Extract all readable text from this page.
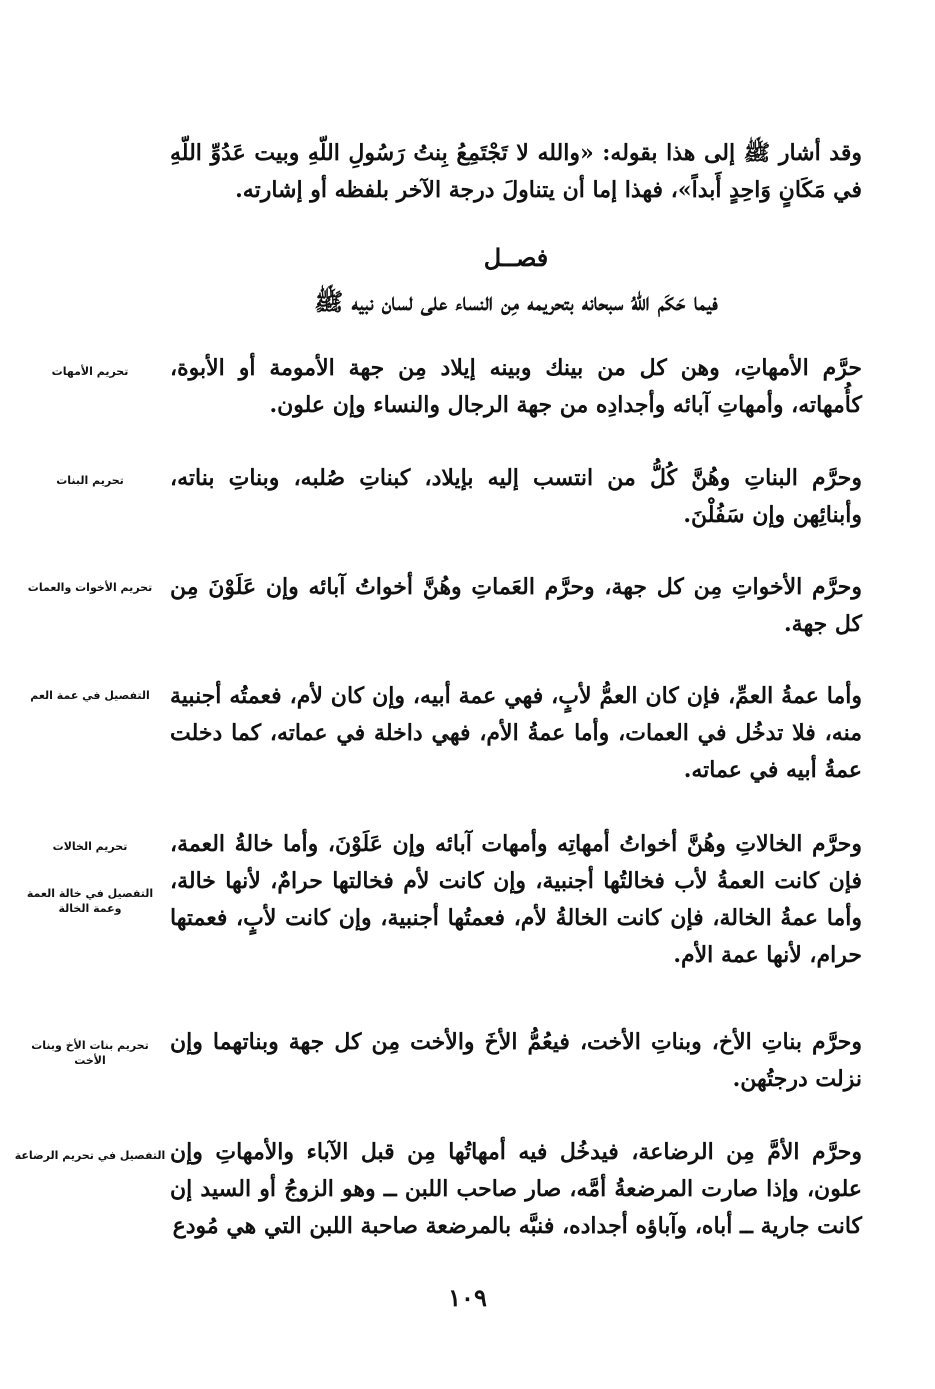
وقد أشار ﷺ إلى هذا بقوله: «والله لا تَجْتَمِعُ بِنتُ رَسُولِ اللّهِ وبيت عَدُوِّ اللّهِ في مَكَانٍ وَاحِدٍ أَبداً»، فهذا إما أن يتناولَ درجة الآخر بلفظه أو إشارته.

فصــل
فيما حَكَم اللّهُ سبحانه بتحريمه مِن النساء على لسان نبيه ﷺ

حرَّم الأمهاتِ، وهن كل من بينك وبينه إيلاد مِن جهة الأمومة أو الأبوة، كأُمهاته، وأمهاتِ آبائه وأجدادِه من جهة الرجال والنساء وإن علون.

تحريم الأمهات

وحرَّم البناتِ وهُنَّ كُلُّ من انتسب إليه بإيلاد، كبناتِ صُلبه، وبناتِ بناته، وأبنائِهن وإن سَفُلْنَ.

تحريم البنات

وحرَّم الأخواتِ مِن كل جهة، وحرَّم العَماتِ وهُنَّ أخواتُ آبائه وإن عَلَوْنَ مِن كل جهة.

تحريم الأخوات والعمات

وأما عمةُ العمِّ، فإن كان العمُّ لأبٍ، فهي عمة أبيه، وإن كان لأم، فعمتُه أجنبية منه، فلا تدخُل في العمات، وأما عمةُ الأم، فهي داخلة في عماته، كما دخلت عمةُ أبيه في عماته.

التفصيل في عمة العم

وحرَّم الخالاتِ وهُنَّ أخواتُ أمهاتِه وأمهات آبائه وإن عَلَوْنَ، وأما خالةُ العمة، فإن كانت العمةُ لأب فخالتُها أجنبية، وإن كانت لأم فخالتها حرامٌ، لأنها خالة، وأما عمةُ الخالة، فإن كانت الخالةُ لأم، فعمتُها أجنبية، وإن كانت لأبٍ، فعمتها حرام، لأنها عمة الأم.

تحريم الخالات
التفصيل في خالة العمة وعمة الخالة

وحرَّم بناتِ الأخ، وبناتِ الأخت، فيعُمُّ الأخَ والأخت مِن كل جهة وبناتهما وإن نزلت درجتُهن.

تحريم بنات الأخ وبنات الأخت

وحرَّم الأمَّ مِن الرضاعة، فيدخُل فيه أمهاتُها مِن قبل الآباء والأمهاتِ وإن علون، وإذا صارت المرضعةُ أمَّه، صار صاحب اللبن ــ وهو الزوجُ أو السيد إن كانت جارية ــ أباه، وآباؤه أجداده، فنبَّه بالمرضعة صاحبة اللبن التي هي مُودع

التفصيل في تحريم الرضاعة
١٠٩
